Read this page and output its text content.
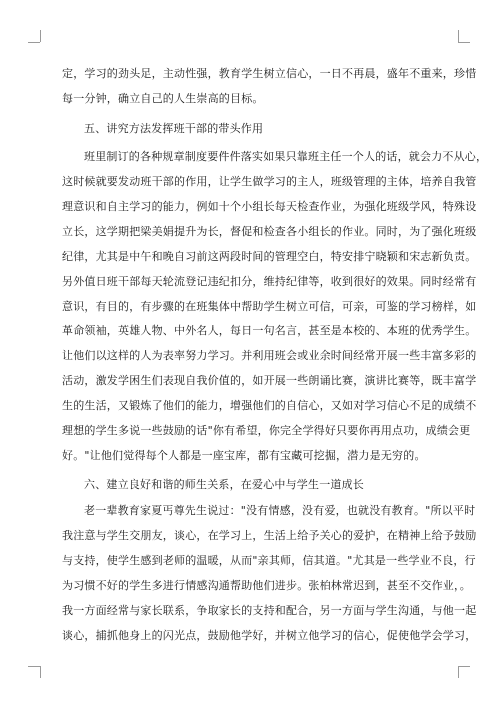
定，学习的劲头足，主动性强，教育学生树立信心，一日不再晨，盛年不重来，珍惜
每一分钟，确立自己的人生崇高的目标。
五、讲究方法发挥班干部的带头作用
班里制订的各种规章制度要件件落实如果只靠班主任一个人的话，就会力不从心，
这时候就要发动班干部的作用，让学生做学习的主人，班级管理的主体，培养自我管
理意识和自主学习的能力，例如十个小组长每天检查作业，为强化班级学风，特殊设
立长，这学期把梁美娟提升为长，督促和检查各小组长的作业。同时，为了强化班级
纪律，尤其是中午和晚自习前这两段时间的管理空白，特安排宁晓颖和宋志新负责。
另外值日班干部每天轮流登记违纪扣分，维持纪律等，收到很好的效果。同时经常有
意识，有目的，有步骤的在班集体中帮助学生树立可信，可亲，可鉴的学习榜样，如
革命领袖，英雄人物、中外名人，每日一句名言，甚至是本校的、本班的优秀学生。
让他们以这样的人为表率努力学习。并利用班会或业余时间经常开展一些丰富多彩的
活动，激发学困生们表现自我价值的，如开展一些朗诵比赛，演讲比赛等，既丰富学
生的生活，又锻炼了他们的能力，增强他们的自信心，又如对学习信心不足的成绩不
理想的学生多说一些鼓励的话"你有希望，你完全学得好只要你再用点功，成绩会更
好。"让他们觉得每个人都是一座宝库，都有宝藏可挖掘，潜力是无穷的。
六、建立良好和谐的师生关系，在爱心中与学生一道成长
老一辈教育家夏丐尊先生说过："没有情感，没有爱，也就没有教育。"所以平时
我注意与学生交朋友，谈心，在学习上，生活上给予关心的爱护，在精神上给予鼓励
与支持，使学生感到老师的温暖，从而"亲其师，信其道。"尤其是一些学业不良，行
为习惯不好的学生多进行情感沟通帮助他们进步。张柏林常迟到，甚至不交作业，。
我一方面经常与家长联系，争取家长的支持和配合，另一方面与学生沟通，与他一起
谈心，捕抓他身上的闪光点，鼓励他学好，并树立他学习的信心，促使他学会学习，
